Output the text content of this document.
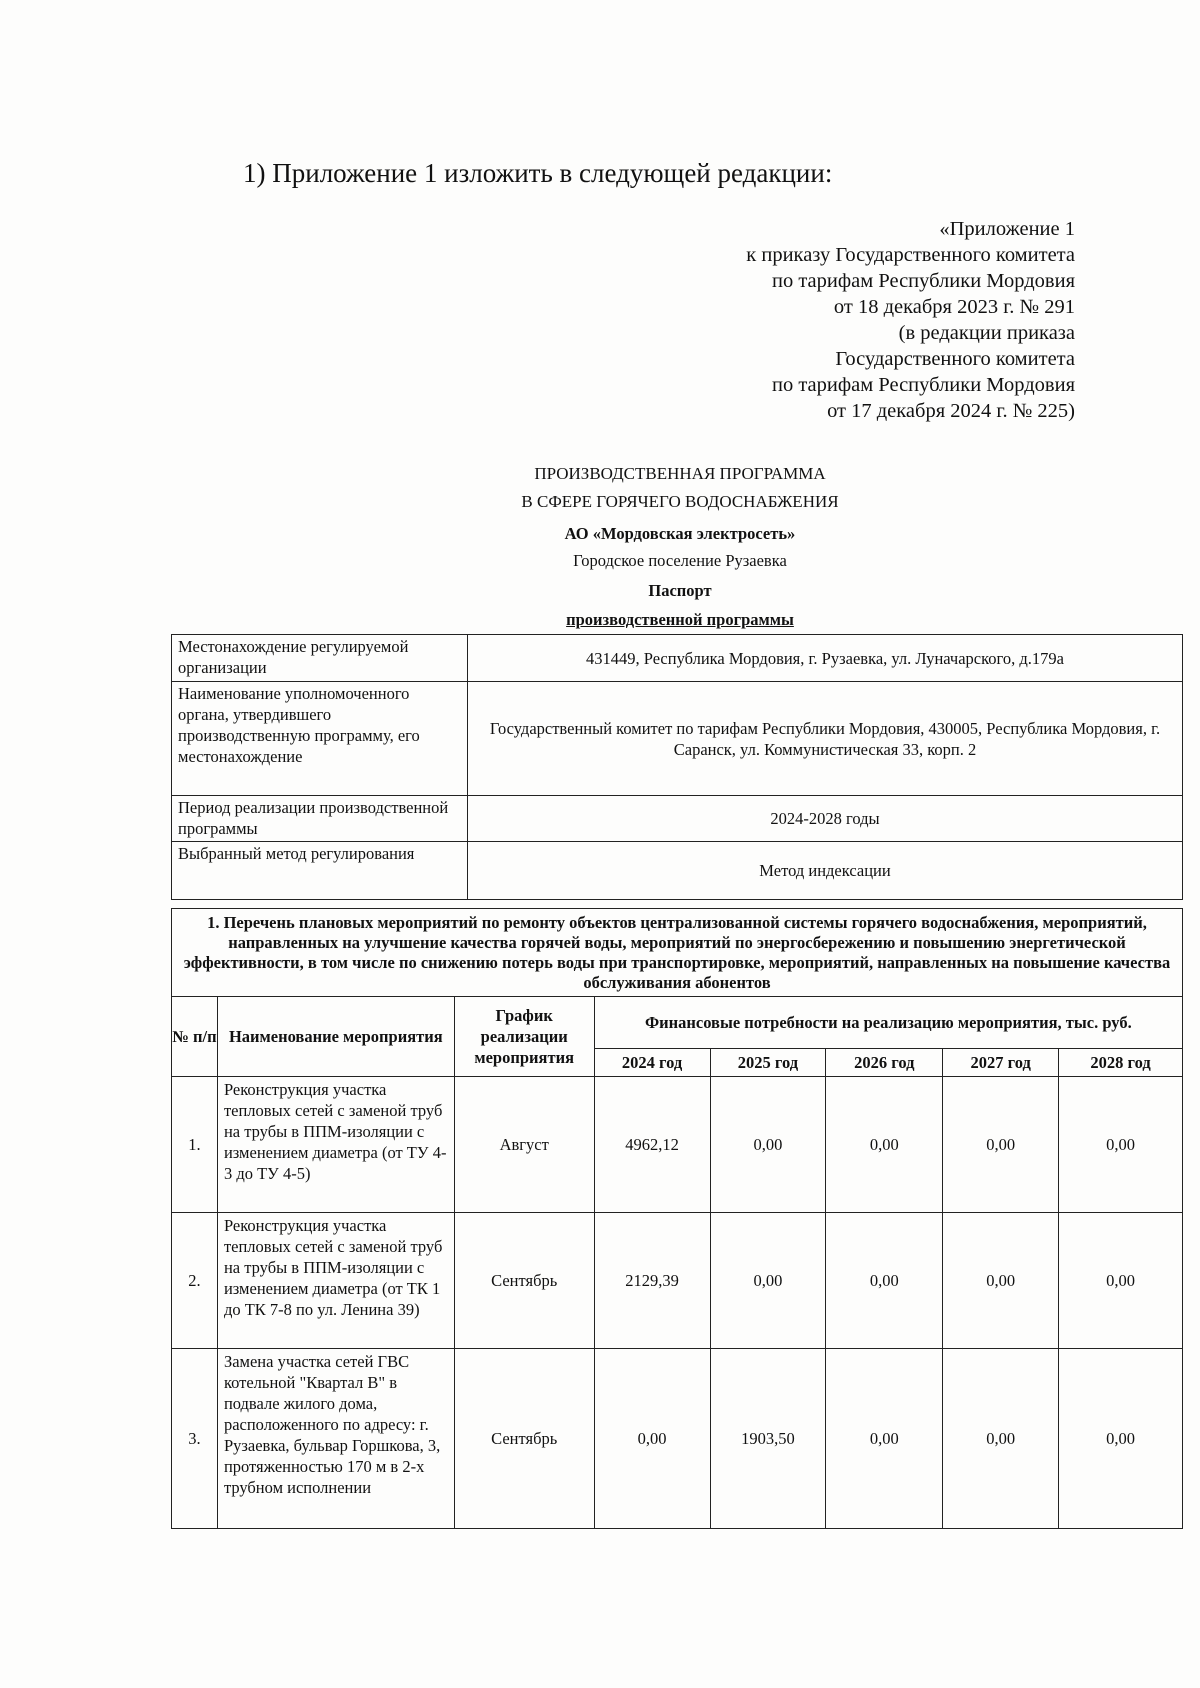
1) Приложение 1 изложить в следующей редакции:
«Приложение 1
к приказу Государственного комитета
по тарифам Республики Мордовия
от 18 декабря 2023 г. № 291
(в редакции приказа
Государственного комитета
по тарифам Республики Мордовия
от 17 декабря 2024 г. № 225)
ПРОИЗВОДСТВЕННАЯ ПРОГРАММА
В СФЕРЕ ГОРЯЧЕГО ВОДОСНАБЖЕНИЯ
АО «Мордовская электросеть»
Городское поселение Рузаевка
Паспорт
производственной программы
Местонахождение регулируемой организации	431449, Республика Мордовия, г. Рузаевка, ул. Луначарского, д.179а
Наименование уполномоченного органа, утвердившего производственную программу, его местонахождение	Государственный комитет по тарифам Республики Мордовия, 430005, Республика Мордовия, г. Саранск, ул. Коммунистическая 33, корп. 2
Период реализации производственной программы	2024-2028 годы
Выбранный метод регулирования	Метод индексации
1. Перечень плановых мероприятий по ремонту объектов централизованной системы горячего водоснабжения, мероприятий, направленных на улучшение качества горячей воды, мероприятий по энергосбережению и повышению энергетической эффективности, в том числе по снижению потерь воды при транспортировке, мероприятий, направленных на повышение качества обслуживания абонентов							
№ п/п	Наименование мероприятия	График реализации мероприятия	Финансовые потребности на реализацию мероприятия, тыс. руб.				
			2024 год	2025 год	2026 год	2027 год	2028 год
1.	Реконструкция участка тепловых сетей с заменой труб на трубы в ППМ-изоляции с изменением диаметра (от ТУ 4-3 до ТУ 4-5)	Август	4962,12	0,00	0,00	0,00	0,00
2.	Реконструкция участка тепловых сетей с заменой труб на трубы в ППМ-изоляции с изменением диаметра (от ТК 1 до ТК 7-8 по ул. Ленина 39)	Сентябрь	2129,39	0,00	0,00	0,00	0,00
3.	Замена участка сетей ГВС котельной "Квартал В" в подвале жилого дома, расположенного по адресу: г. Рузаевка, бульвар Горшкова, 3, протяженностью 170 м в 2-х трубном исполнении	Сентябрь	0,00	1903,50	0,00	0,00	0,00
